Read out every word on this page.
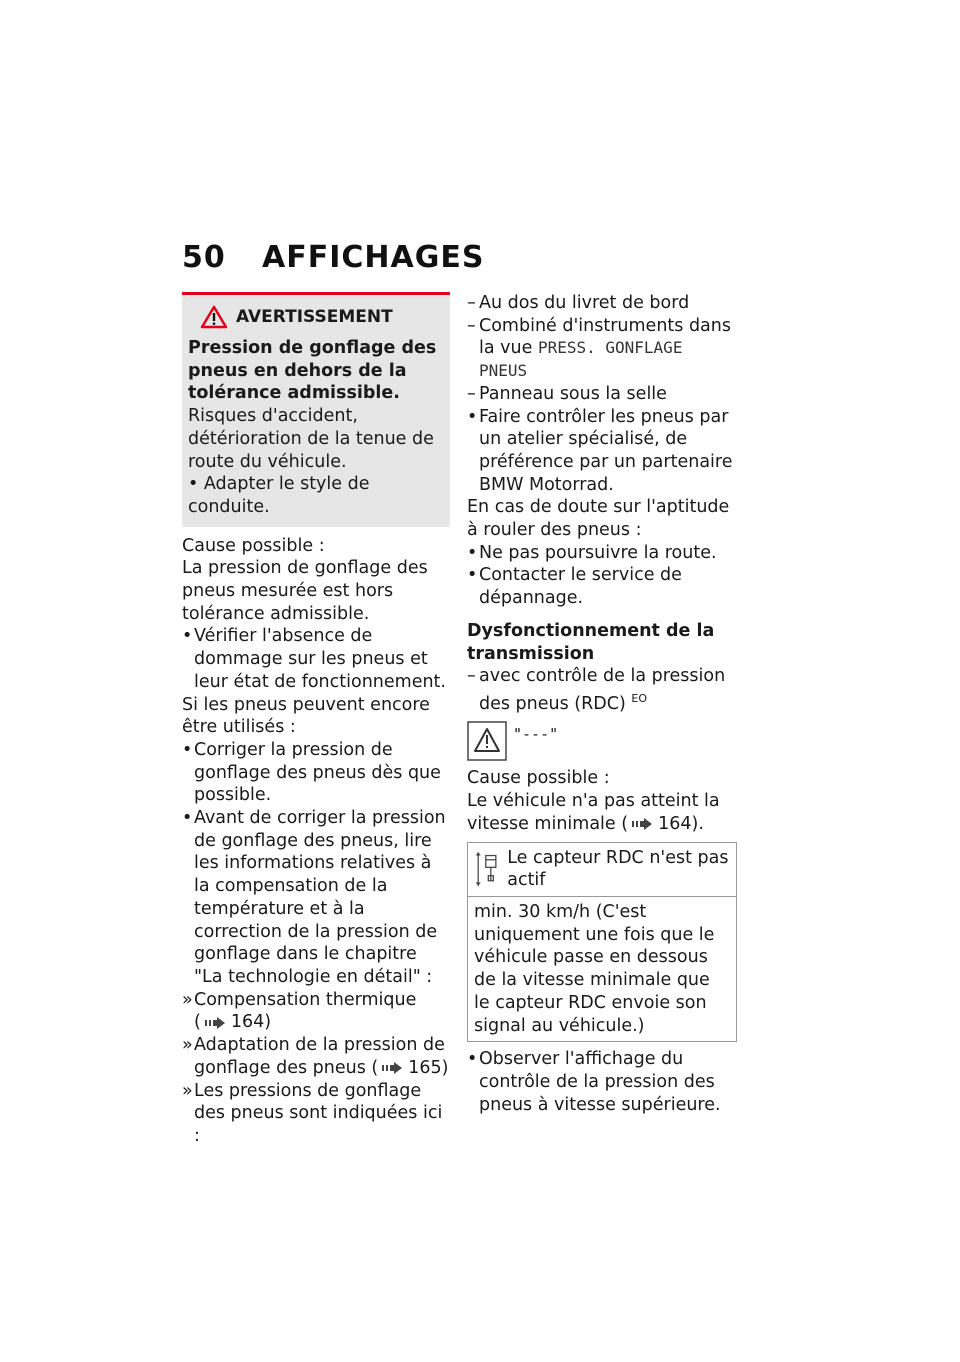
50 AFFICHAGES
AVERTISSEMENT

Pression de gonflage des pneus en dehors de la tolérance admissible.

Risques d'accident, détérioration de la tenue de route du véhicule.

• Adapter le style de conduite.

Cause possible :

La pression de gonflage des pneus mesurée est hors tolérance admissible.

• Vérifier l'absence de dommage sur les pneus et leur état de fonctionnement.

Si les pneus peuvent encore être utilisés :

• Corriger la pression de gonflage des pneus dès que possible.
• Avant de corriger la pression de gonflage des pneus, lire les informations relatives à la compensation de la température et à la correction de la pression de gonflage dans le chapitre "La technologie en détail" :
» Compensation thermique
( 164)
» Adaptation de la pression de gonflage des pneus ( 165)
» Les pressions de gonflage des pneus sont indiquées ici :
– Au dos du livret de bord
– Combiné d'instruments dans la vue PRESS. GONFLAGE PNEUS
– Panneau sous la selle
• Faire contrôler les pneus par un atelier spécialisé, de préférence par un partenaire BMW Motorrad.

En cas de doute sur l'aptitude à rouler des pneus :

• Ne pas poursuivre la route.
• Contacter le service de dépannage.

Dysfonctionnement de la transmission

– avec contrôle de la pression des pneus (RDC) $^{EO}$
"---"

Cause possible :

Le véhicule n'a pas atteint la vitesse minimale ( 164).

Le capteur RDC n'est pas actif

min. 30 km/h (C'est uniquement une fois que le véhicule passe en dessous de la vitesse minimale que le capteur RDC envoie son signal au véhicule.)
• Observer l'affichage du contrôle de la pression des pneus à vitesse supérieure.
